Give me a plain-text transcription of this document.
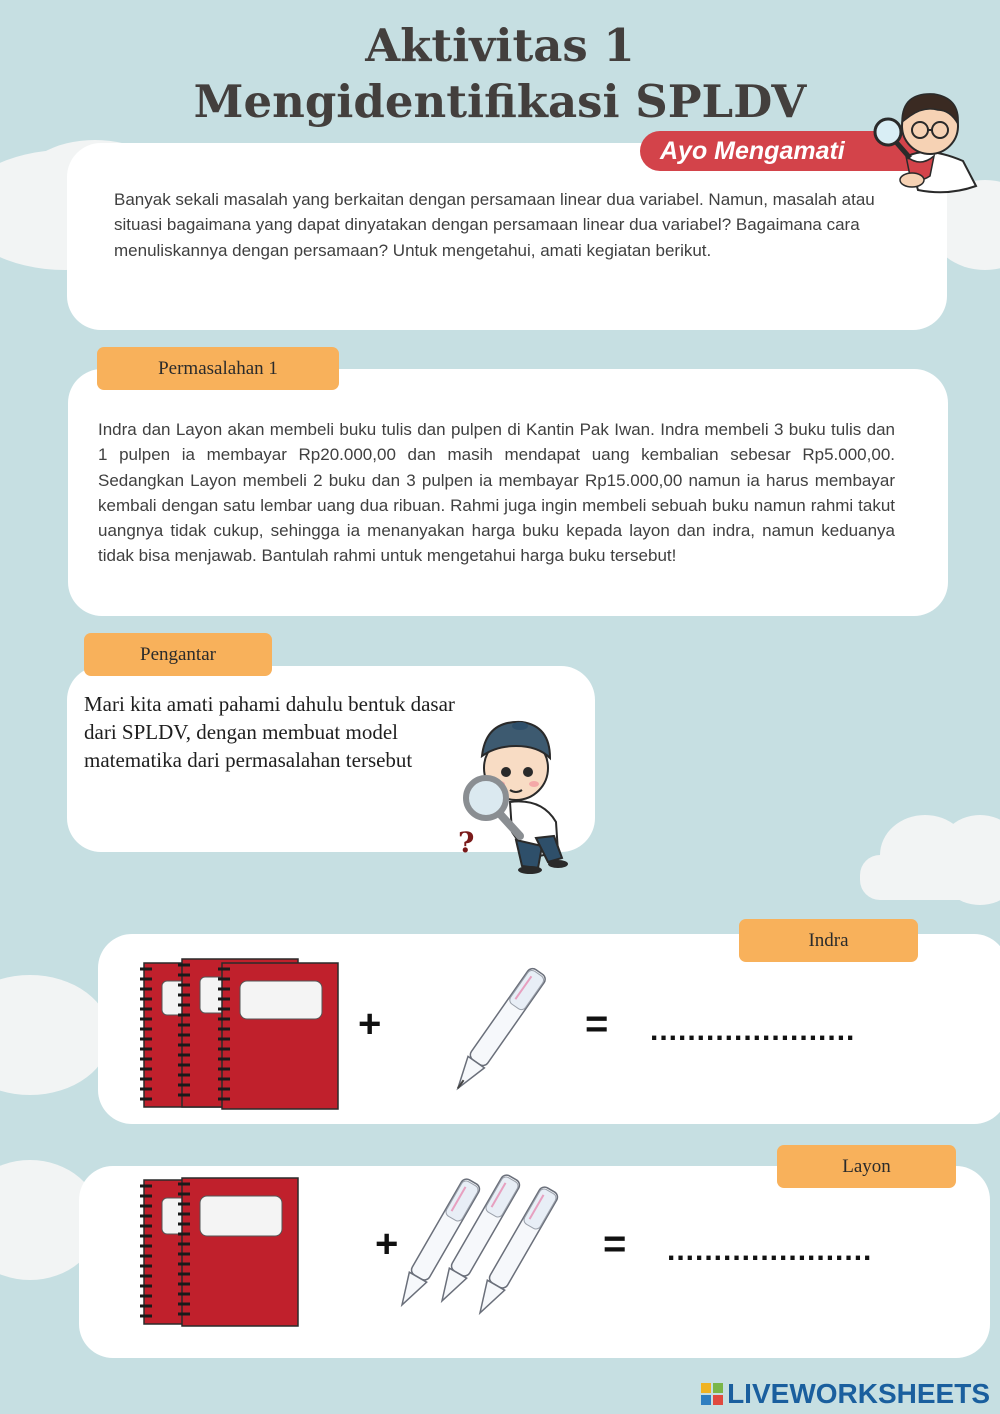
Aktivitas 1
Mengidentifikasi SPLDV

Banyak sekali masalah yang berkaitan dengan persamaan linear dua variabel. Namun, masalah atau situasi bagaimana yang dapat dinyatakan dengan persamaan linear dua variabel? Bagaimana cara menuliskannya dengan persamaan? Untuk mengetahui, amati kegiatan berikut.

Ayo Mengamati
Permasalahan 1

Indra dan Layon akan membeli buku tulis dan pulpen di Kantin Pak Iwan. Indra membeli 3 buku tulis dan 1 pulpen ia membayar Rp20.000,00 dan masih mendapat uang kembalian sebesar Rp5.000,00. Sedangkan Layon membeli 2 buku dan 3 pulpen ia membayar Rp15.000,00 namun ia harus membayar kembali dengan satu lembar uang dua ribuan. Rahmi juga ingin membeli sebuah buku namun rahmi takut uangnya tidak cukup, sehingga ia menanyakan harga buku kepada layon dan indra, namun keduanya tidak bisa menjawab. Bantulah rahmi untuk mengetahui harga buku tersebut!

Pengantar

Mari kita amati pahami dahulu bentuk dasar dari SPLDV, dengan membuat model matematika dari permasalahan tersebut

?
Indra
+	= ......................
Layon
+	= ......................
LIVEWORKSHEETS
